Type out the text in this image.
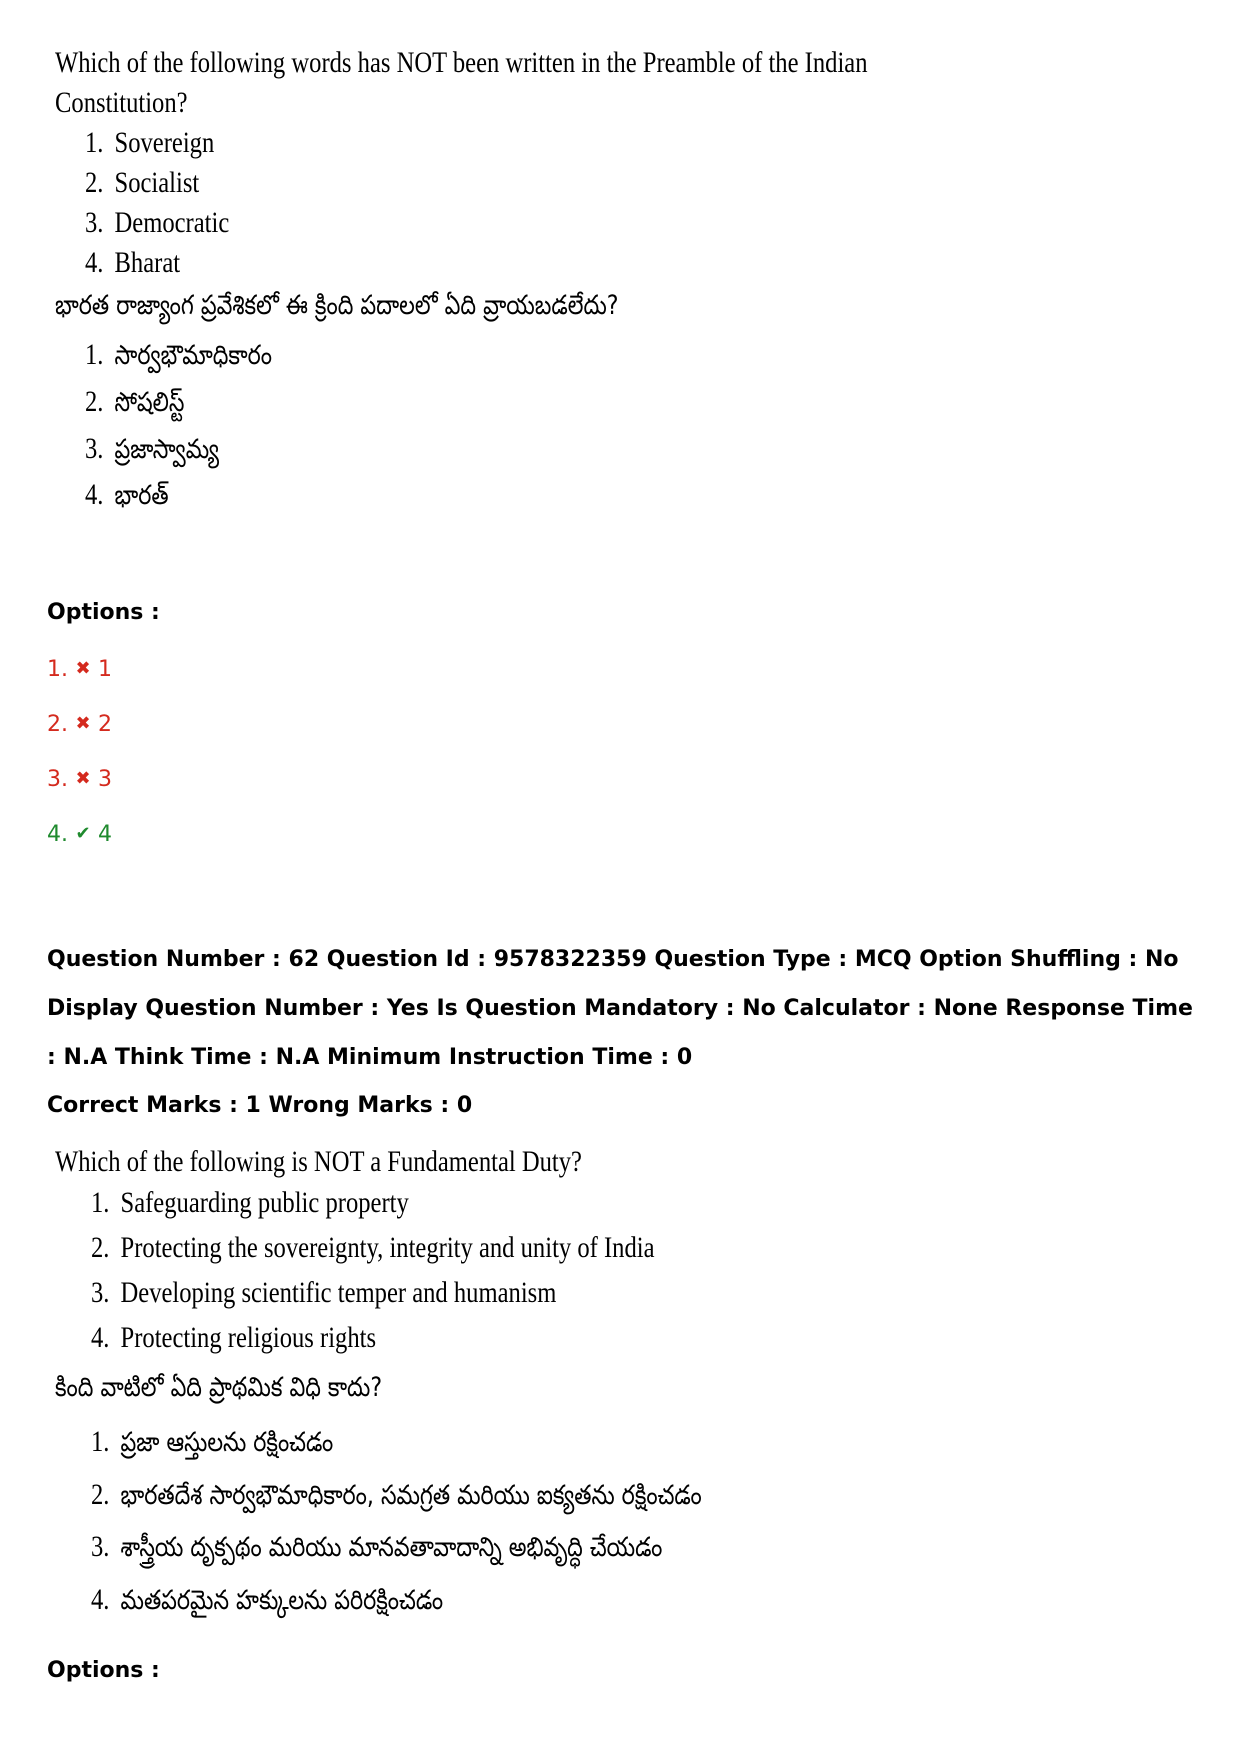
Which of the following words has NOT been written in the Preamble of the Indian
Constitution?
1. Sovereign
2. Socialist
3. Democratic
4. Bharat
భారత రాజ్యాంగ ప్రవేశికలో ఈ క్రింది పదాలలో ఏది వ్రాయబడలేదు?
1. సార్వభౌమాధికారం
2. సోషలిస్ట్
3. ప్రజాస్వామ్య
4. భారత్
Options :
1. ✖ 1
2. ✖ 2
3. ✖ 3
4. ✔ 4
Question Number : 62 Question Id : 9578322359 Question Type : MCQ Option Shuffling : No
Display Question Number : Yes Is Question Mandatory : No Calculator : None Response Time
: N.A Think Time : N.A Minimum Instruction Time : 0
Correct Marks : 1 Wrong Marks : 0
Which of the following is NOT a Fundamental Duty?
1. Safeguarding public property
2. Protecting the sovereignty, integrity and unity of India
3. Developing scientific temper and humanism
4. Protecting religious rights
కింది వాటిలో ఏది ప్రాథమిక విధి కాదు?
1. ప్రజా ఆస్తులను రక్షించడం
2. భారతదేశ సార్వభౌమాధికారం, సమగ్రత మరియు ఐక్యతను రక్షించడం
3. శాస్త్రీయ దృక్పథం మరియు మానవతావాదాన్ని అభివృద్ధి చేయడం
4. మతపరమైన హక్కులను పరిరక్షించడం
Options :
